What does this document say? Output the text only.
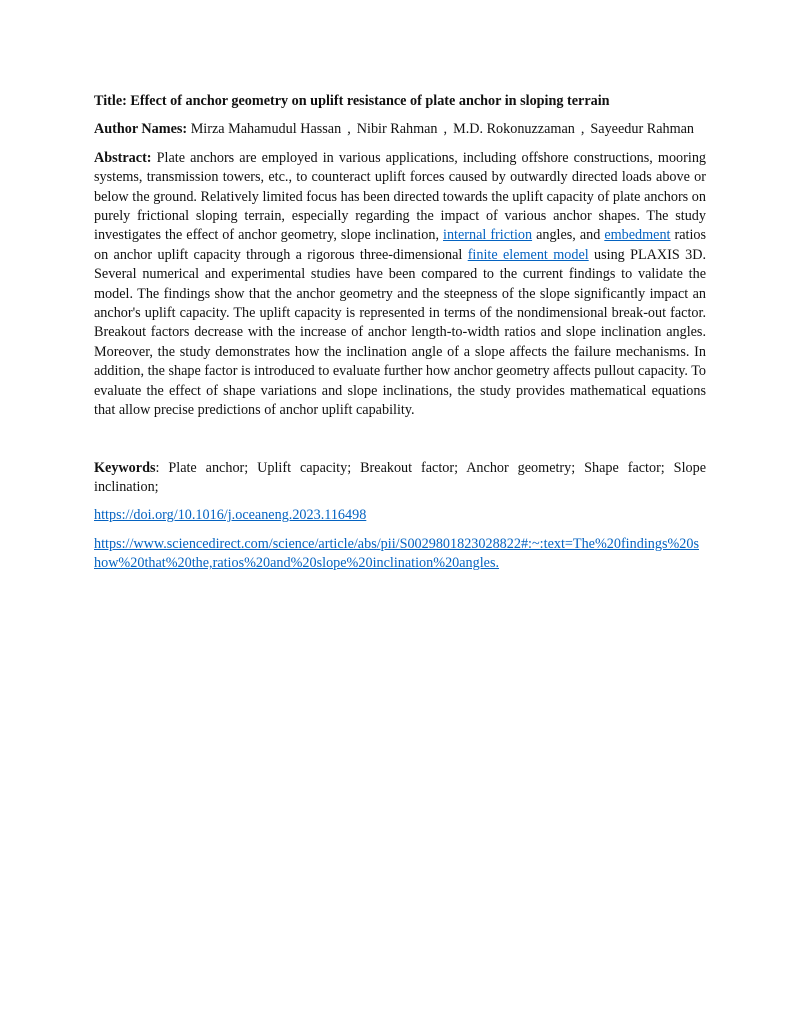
Title: Effect of anchor geometry on uplift resistance of plate anchor in sloping terrain

Author Names: Mirza Mahamudul Hassan , Nibir Rahman , M.D. Rokonuzzaman , Sayeedur Rahman

Abstract: Plate anchors are employed in various applications, including offshore constructions, mooring systems, transmission towers, etc., to counteract uplift forces caused by outwardly directed loads above or below the ground. Relatively limited focus has been directed towards the uplift capacity of plate anchors on purely frictional sloping terrain, especially regarding the impact of various anchor shapes. The study investigates the effect of anchor geometry, slope inclination, internal friction angles, and embedment ratios on anchor uplift capacity through a rigorous three-dimensional finite element model using PLAXIS 3D. Several numerical and experimental studies have been compared to the current findings to validate the model. The findings show that the anchor geometry and the steepness of the slope significantly impact an anchor's uplift capacity. The uplift capacity is represented in terms of the nondimensional break-out factor. Breakout factors decrease with the increase of anchor length-to-width ratios and slope inclination angles. Moreover, the study demonstrates how the inclination angle of a slope affects the failure mechanisms. In addition, the shape factor is introduced to evaluate further how anchor geometry affects pullout capacity. To evaluate the effect of shape variations and slope inclinations, the study provides mathematical equations that allow precise predictions of anchor uplift capability.

Keywords: Plate anchor; Uplift capacity; Breakout factor; Anchor geometry; Shape factor; Slope inclination;

https://doi.org/10.1016/j.oceaneng.2023.116498

https://www.sciencedirect.com/science/article/abs/pii/S0029801823028822#:~:text=The%20findings%20show%20that%20the,ratios%20and%20slope%20inclination%20angles.
